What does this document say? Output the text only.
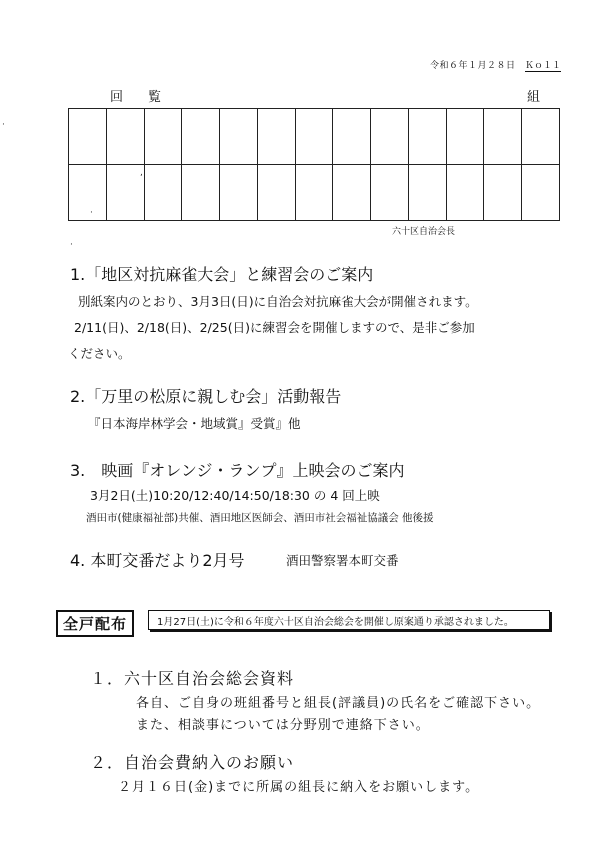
令和６年１月２８日 Ｋｏ１１
回　覧	組

六十区自治会長
·
·
·
,
1.「地区対抗麻雀大会」と練習会のご案内
別紙案内のとおり、3月3日(日)に自治会対抗麻雀大会が開催されます。
2/11(日)、2/18(日)、2/25(日)に練習会を開催しますので、是非ご参加
ください。
2.「万里の松原に親しむ会」活動報告
『日本海岸林学会・地域賞』受賞』他
3.　映画『オレンジ・ランプ』上映会のご案内
3月2日(土)10:20/12:40/14:50/18:30 の 4 回上映
酒田市(健康福祉部)共催、酒田地区医師会、酒田市社会福祉協議会 他後援
4. 本町交番だより2月号	酒田警察署本町交番
全戸配布	1月27日(土)に令和６年度六十区自治会総会を開催し原案通り承認されました。
１．六十区自治会総会資料
各自、ご自身の班組番号と組長(評議員)の氏名をご確認下さい。
また、相談事については分野別で連絡下さい。
２．自治会費納入のお願い
２月１６日(金)までに所属の組長に納入をお願いします。
